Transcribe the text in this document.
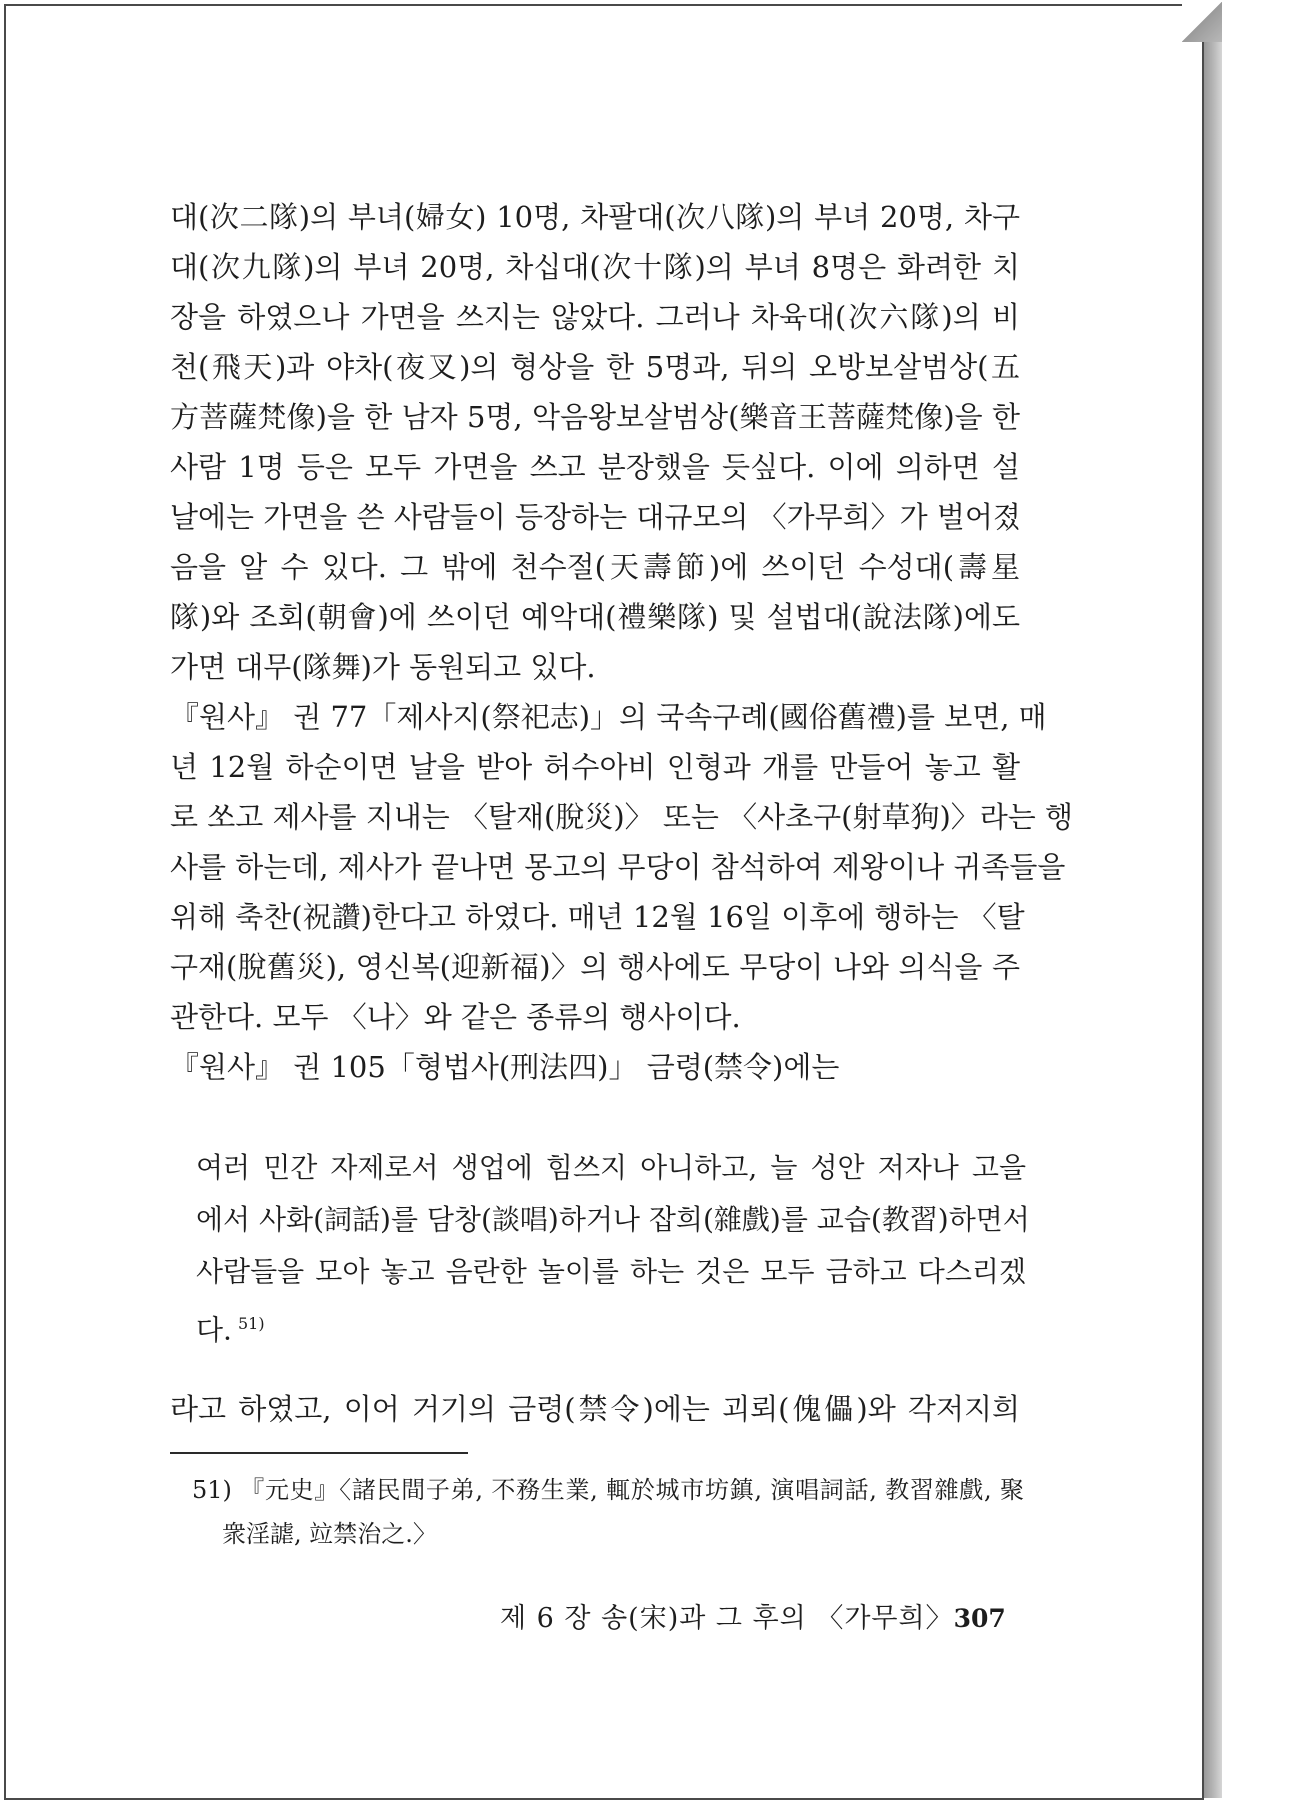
대(次二隊)의 부녀(婦女) 10명, 차팔대(次八隊)의 부녀 20명, 차구
대(次九隊)의 부녀 20명, 차십대(次十隊)의 부녀 8명은 화려한 치
장을 하였으나 가면을 쓰지는 않았다. 그러나 차육대(次六隊)의 비
천(飛天)과 야차(夜叉)의 형상을 한 5명과, 뒤의 오방보살범상(五
方菩薩梵像)을 한 남자 5명, 악음왕보살범상(樂音王菩薩梵像)을 한
사람 1명 등은 모두 가면을 쓰고 분장했을 듯싶다. 이에 의하면 설
날에는 가면을 쓴 사람들이 등장하는 대규모의 〈가무희〉가 벌어졌
음을 알 수 있다. 그 밖에 천수절(天壽節)에 쓰이던 수성대(壽星
隊)와 조회(朝會)에 쓰이던 예악대(禮樂隊) 및 설법대(說法隊)에도
가면 대무(隊舞)가 동원되고 있다.
『원사』 권 77「제사지(祭祀志)」의 국속구례(國俗舊禮)를 보면, 매
년 12월 하순이면 날을 받아 허수아비 인형과 개를 만들어 놓고 활
로 쏘고 제사를 지내는 〈탈재(脫災)〉 또는 〈사초구(射草狗)〉라는 행
사를 하는데, 제사가 끝나면 몽고의 무당이 참석하여 제왕이나 귀족들을
위해 축찬(祝讚)한다고 하였다. 매년 12월 16일 이후에 행하는 〈탈
구재(脫舊災), 영신복(迎新福)〉의 행사에도 무당이 나와 의식을 주
관한다. 모두 〈나〉와 같은 종류의 행사이다.
『원사』 권 105「형법사(刑法四)」 금령(禁令)에는
여러 민간 자제로서 생업에 힘쓰지 아니하고, 늘 성안 저자나 고을
에서 사화(詞話)를 담창(談唱)하거나 잡희(雜戲)를 교습(教習)하면서
사람들을 모아 놓고 음란한 놀이를 하는 것은 모두 금하고 다스리겠
다. $^{51)}$
라고 하였고, 이어 거기의 금령(禁令)에는 괴뢰(傀儡)와 각저지희
51) 『元史』〈諸民間子弟, 不務生業, 輒於城市坊鎮, 演唱詞話, 教習雜戲, 聚
衆淫謔, 竝禁治之.〉
제 6 장 송(宋)과 그 후의 〈가무희〉 307
